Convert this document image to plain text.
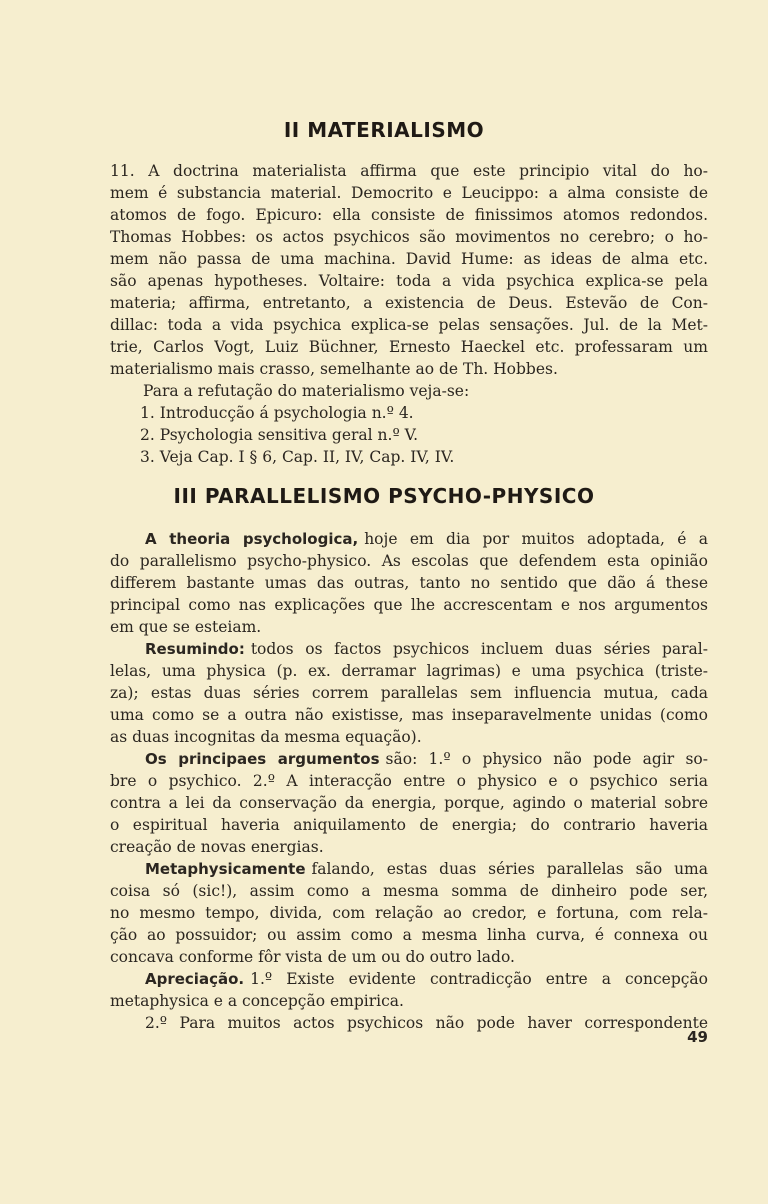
II MATERIALISMO
11. A doctrina materialista affirma que este principio vital do ho-
mem é substancia material. Democrito e Leucippo: a alma consiste de
atomos de fogo. Epicuro: ella consiste de finissimos atomos redondos.
Thomas Hobbes: os actos psychicos são movimentos no cerebro; o ho-
mem não passa de uma machina. David Hume: as ideas de alma etc.
são apenas hypotheses. Voltaire: toda a vida psychica explica-se pela
materia; affirma, entretanto, a existencia de Deus. Estevão de Con-
dillac: toda a vida psychica explica-se pelas sensações. Jul. de la Met-
trie, Carlos Vogt, Luiz Büchner, Ernesto Haeckel etc. professaram um
materialismo mais crasso, semelhante ao de Th. Hobbes.
Para a refutação do materialismo veja-se:
1. Introducção á psychologia n.º 4.
2. Psychologia sensitiva geral n.º V.
3. Veja Cap. I § 6, Cap. II, IV, Cap. IV, IV.
III PARALLELISMO PSYCHO-PHYSICO
A theoria psychologica, hoje em dia por muitos adoptada, é a
do parallelismo psycho-physico. As escolas que defendem esta opinião
differem bastante umas das outras, tanto no sentido que dão á these
principal como nas explicações que lhe accrescentam e nos argumentos
em que se esteiam.
Resumindo: todos os factos psychicos incluem duas séries paral-
lelas, uma physica (p. ex. derramar lagrimas) e uma psychica (triste-
za); estas duas séries correm parallelas sem influencia mutua, cada
uma como se a outra não existisse, mas inseparavelmente unidas (como
as duas incognitas da mesma equação).
Os principaes argumentos são: 1.º o physico não pode agir so-
bre o psychico. 2.º A interacção entre o physico e o psychico seria
contra a lei da conservação da energia, porque, agindo o material sobre
o espiritual haveria aniquilamento de energia; do contrario haveria
creação de novas energias.
Metaphysicamente falando, estas duas séries parallelas são uma
coisa só (sic!), assim como a mesma somma de dinheiro pode ser,
no mesmo tempo, divida, com relação ao credor, e fortuna, com rela-
ção ao possuidor; ou assim como a mesma linha curva, é connexa ou
concava conforme fôr vista de um ou do outro lado.
Apreciação. 1.º Existe evidente contradicção entre a concepção
metaphysica e a concepção empirica.
2.º Para muitos actos psychicos não pode haver correspondente
49
